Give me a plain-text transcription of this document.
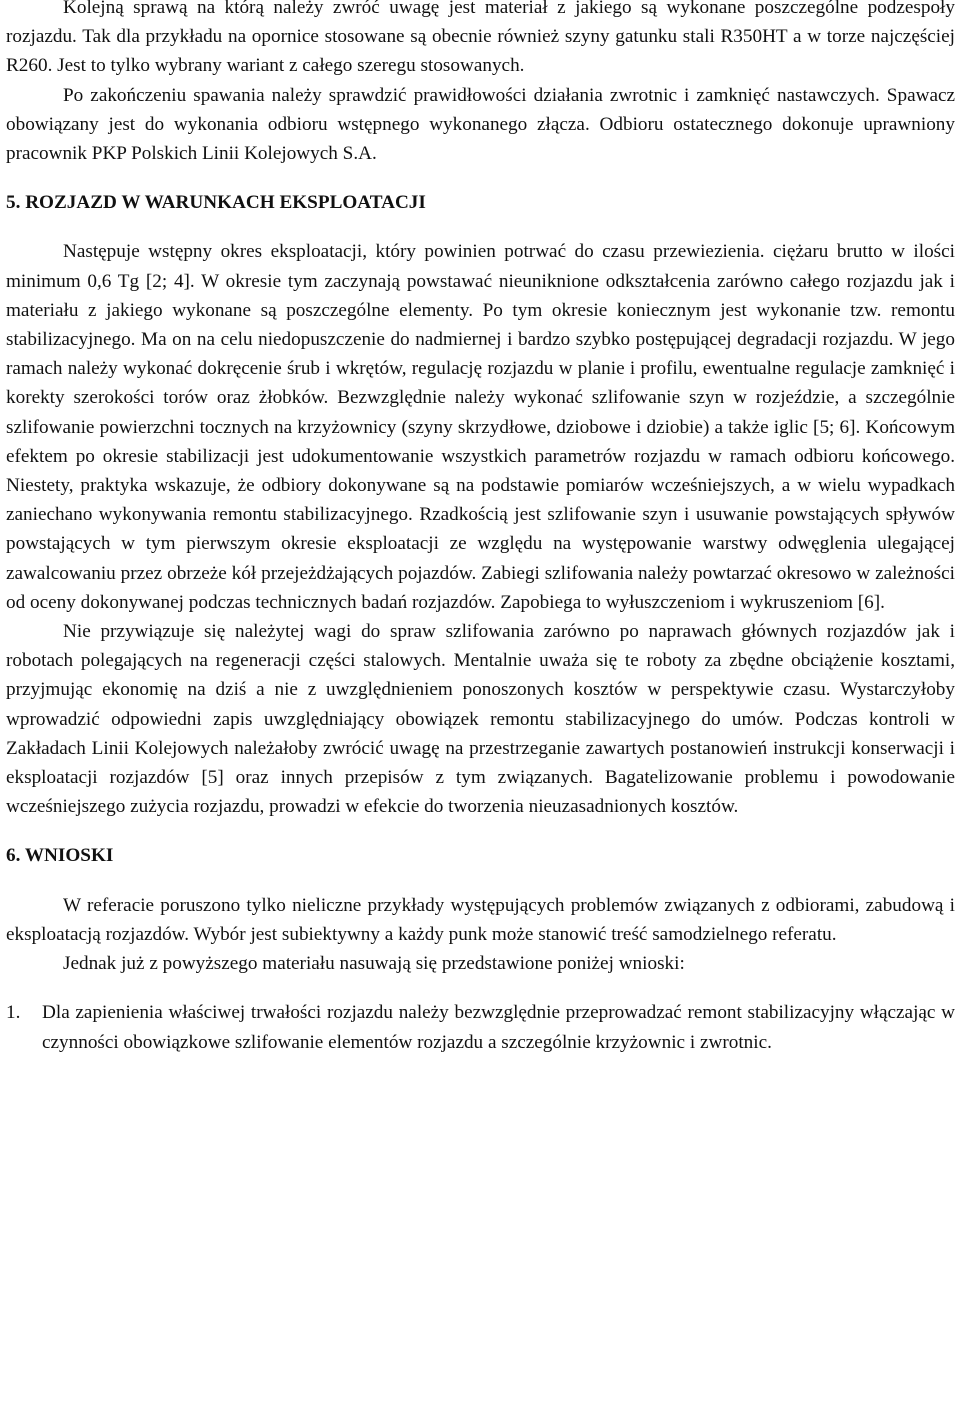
Kolejną sprawą na którą należy zwróć uwagę jest materiał z jakiego są wykonane poszczególne podzespoły rozjazdu. Tak dla przykładu na opornice stosowane są obecnie również szyny gatunku stali R350HT a w torze najczęściej R260. Jest to tylko wybrany wariant z całego szeregu stosowanych.

Po zakończeniu spawania należy sprawdzić prawidłowości działania zwrotnic i zamknięć nastawczych. Spawacz obowiązany jest do wykonania odbioru wstępnego wykonanego złącza. Odbioru ostatecznego dokonuje uprawniony pracownik PKP Polskich Linii Kolejowych S.A.

5. ROZJAZD W WARUNKACH EKSPLOATACJI

Następuje wstępny okres eksploatacji, który powinien potrwać do czasu przewiezienia. ciężaru brutto w ilości minimum 0,6 Tg [2; 4]. W okresie tym zaczynają powstawać nieuniknione odkształcenia zarówno całego rozjazdu jak i materiału z jakiego wykonane są poszczególne elementy. Po tym okresie koniecznym jest wykonanie tzw. remontu stabilizacyjnego. Ma on na celu niedopuszczenie do nadmiernej i bardzo szybko postępującej degradacji rozjazdu. W jego ramach należy wykonać dokręcenie śrub i wkrętów, regulację rozjazdu w planie i profilu, ewentualne regulacje zamknięć i korekty szerokości torów oraz żłobków. Bezwzględnie należy wykonać szlifowanie szyn w rozjeździe, a szczególnie szlifowanie powierzchni tocznych na krzyżownicy (szyny skrzydłowe, dziobowe i dziobie) a także iglic [5; 6]. Końcowym efektem po okresie stabilizacji jest udokumentowanie wszystkich parametrów rozjazdu w ramach odbioru końcowego. Niestety, praktyka wskazuje, że odbiory dokonywane są na podstawie pomiarów wcześniejszych, a w wielu wypadkach zaniechano wykonywania remontu stabilizacyjnego. Rzadkością jest szlifowanie szyn i usuwanie powstających spływów powstających w tym pierwszym okresie eksploatacji ze względu na występowanie warstwy odwęglenia ulegającej zawalcowaniu przez obrzeże kół przejeżdżających pojazdów. Zabiegi szlifowania należy powtarzać okresowo w zależności od oceny dokonywanej podczas technicznych badań rozjazdów. Zapobiega to wyłuszczeniom i wykruszeniom [6].

Nie przywiązuje się należytej wagi do spraw szlifowania zarówno po naprawach głównych rozjazdów jak i robotach polegających na regeneracji części stalowych. Mentalnie uważa się te roboty za zbędne obciążenie kosztami, przyjmując ekonomię na dziś a nie z uwzględnieniem ponoszonych kosztów w perspektywie czasu. Wystarczyłoby wprowadzić odpowiedni zapis uwzględniający obowiązek remontu stabilizacyjnego do umów. Podczas kontroli w Zakładach Linii Kolejowych należałoby zwrócić uwagę na przestrzeganie zawartych postanowień instrukcji konserwacji i eksploatacji rozjazdów [5] oraz innych przepisów z tym związanych. Bagatelizowanie problemu i powodowanie wcześniejszego zużycia rozjazdu, prowadzi w efekcie do tworzenia nieuzasadnionych kosztów.

6. WNIOSKI

W referacie poruszono tylko nieliczne przykłady występujących problemów związanych z odbiorami, zabudową i eksploatacją rozjazdów. Wybór jest subiektywny a każdy punk może stanowić treść samodzielnego referatu.

Jednak już z powyższego materiału nasuwają się przedstawione poniżej wnioski:

1.	Dla zapienienia właściwej trwałości rozjazdu należy bezwzględnie przeprowadzać remont stabilizacyjny włączając w czynności obowiązkowe szlifowanie elementów rozjazdu a szczególnie krzyżownic i zwrotnic.
